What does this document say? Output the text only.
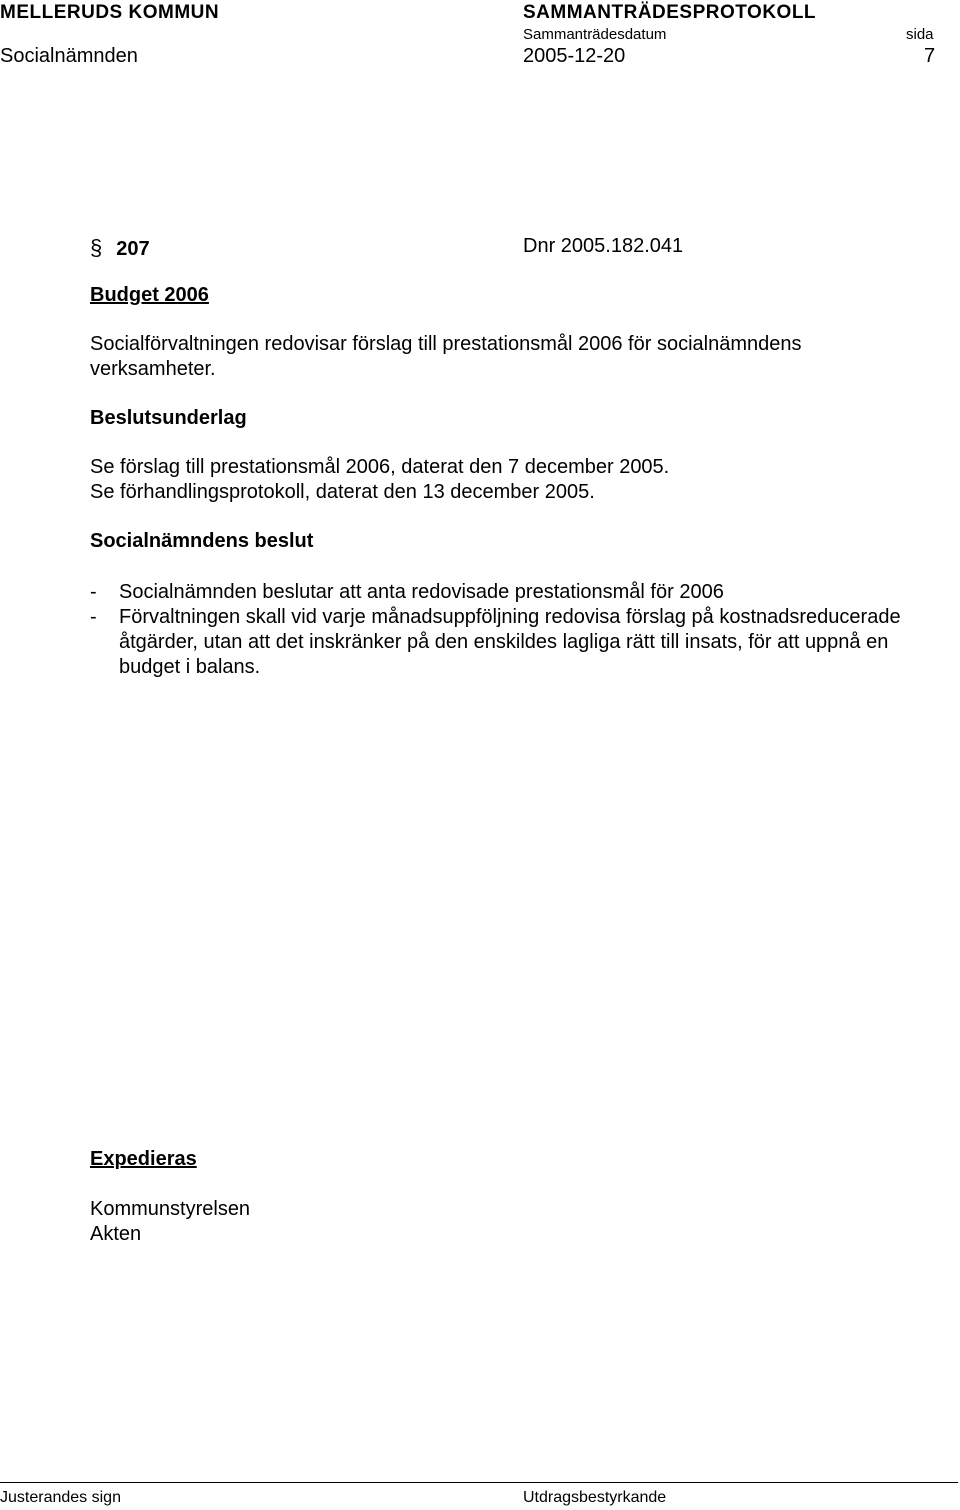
MELLERUDS KOMMUN	SAMMANTRÄDESPROTOKOLL
Sammanträdesdatum	sida
Socialnämnden	2005-12-20	7
§ 207	Dnr 2005.182.041
Budget 2006
Socialförvaltningen redovisar förslag till prestationsmål 2006 för socialnämndens
verksamheter.
Beslutsunderlag
Se förslag till prestationsmål 2006, daterat den 7 december 2005.
Se förhandlingsprotokoll, daterat den 13 december 2005.
Socialnämndens beslut
- Socialnämnden beslutar att anta redovisade prestationsmål för 2006
- Förvaltningen skall vid varje månadsuppföljning redovisa förslag på kostnadsreducerade åtgärder, utan att det inskränker på den enskildes lagliga rätt till insats, för att uppnå en budget i balans.
Expedieras
Kommunstyrelsen
Akten
Justerandes sign	Utdragsbestyrkande
